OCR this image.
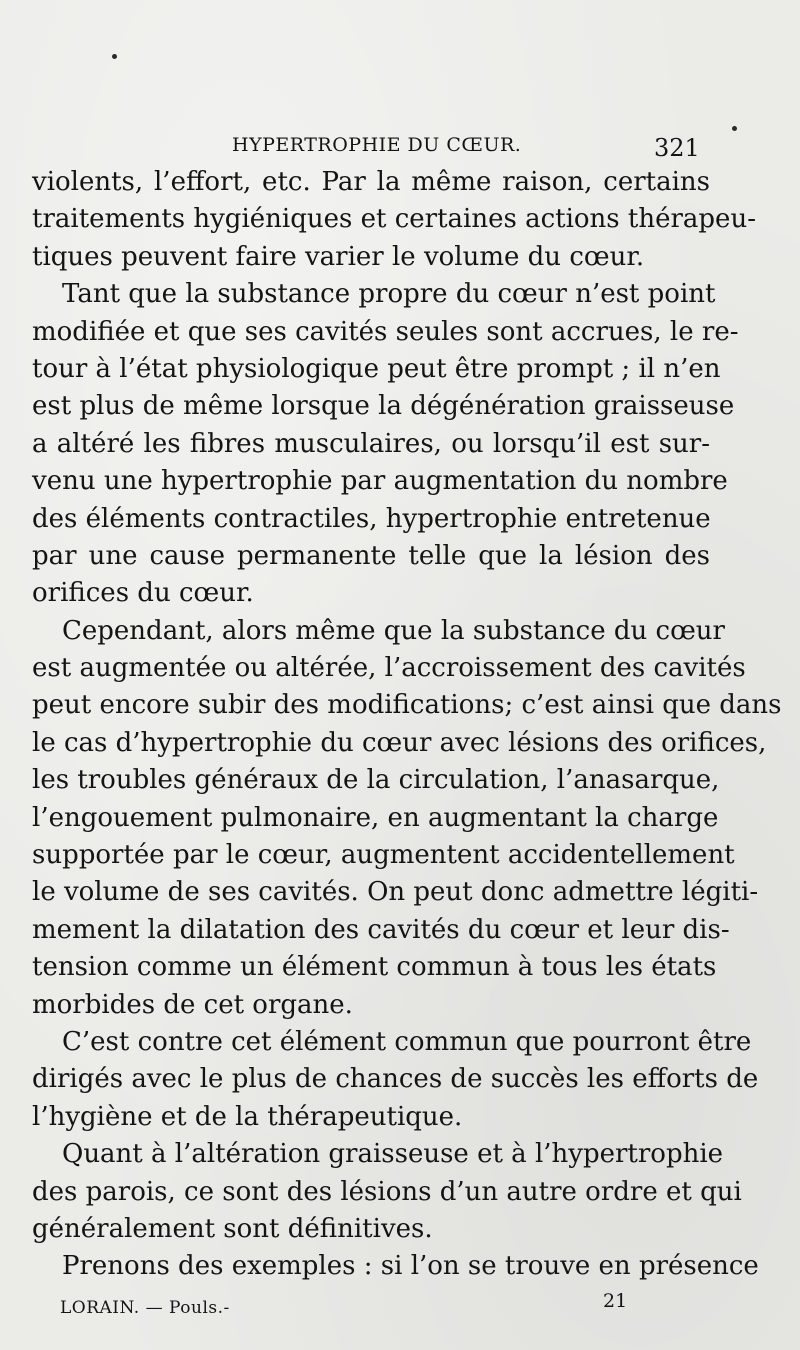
HYPERTROPHIE DU CŒUR.	321
violents, l’effort, etc. Par la même raison, certains
traitements hygiéniques et certaines actions thérapeu-
tiques peuvent faire varier le volume du cœur.
Tant que la substance propre du cœur n’est point
modifiée et que ses cavités seules sont accrues, le re-
tour à l’état physiologique peut être prompt ; il n’en
est plus de même lorsque la dégénération graisseuse
a altéré les fibres musculaires, ou lorsqu’il est sur-
venu une hypertrophie par augmentation du nombre
des éléments contractiles, hypertrophie entretenue
par une cause permanente telle que la lésion des
orifices du cœur.
Cependant, alors même que la substance du cœur
est augmentée ou altérée, l’accroissement des cavités
peut encore subir des modifications; c’est ainsi que dans
le cas d’hypertrophie du cœur avec lésions des orifices,
les troubles généraux de la circulation, l’anasarque,
l’engouement pulmonaire, en augmentant la charge
supportée par le cœur, augmentent accidentellement
le volume de ses cavités. On peut donc admettre légiti-
mement la dilatation des cavités du cœur et leur dis-
tension comme un élément commun à tous les états
morbides de cet organe.
C’est contre cet élément commun que pourront être
dirigés avec le plus de chances de succès les efforts de
l’hygiène et de la thérapeutique.
Quant à l’altération graisseuse et à l’hypertrophie
des parois, ce sont des lésions d’un autre ordre et qui
généralement sont définitives.
Prenons des exemples : si l’on se trouve en présence
LORAIN. — Pouls.-	21
